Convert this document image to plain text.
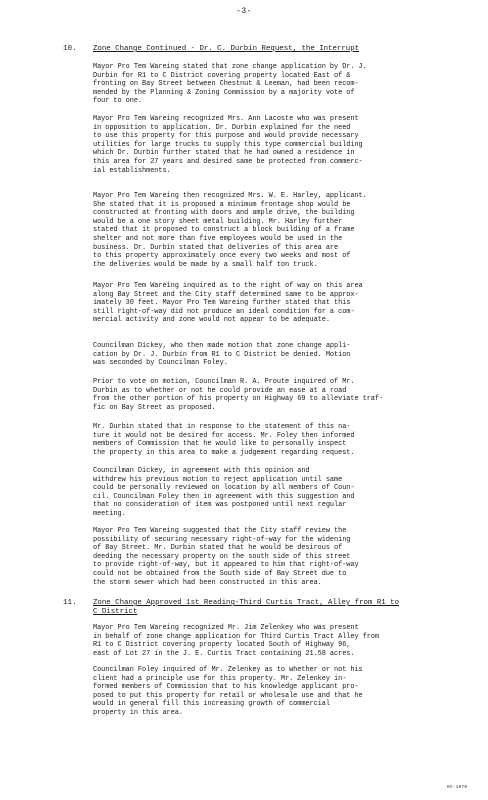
-3-
10. Zone Change Continued - Dr. C. Durbin Request, the Interrupt

Mayor Pro Tem Wareing stated that zone change application by Dr. J.
Durbin for R1 to C District covering property located East of &
fronting on Bay Street between Chestnut & Leeman, had been recom-
mended by the Planning & Zoning Commission by a majority vote of
four to one.

Mayor Pro Tem Wareing recognized Mrs. Ann Lacoste who was present
in opposition to application. Dr. Durbin explained for the need
to use this property for this purpose and would provide necessary
utilities for large trucks to supply this type commercial building
which Dr. Durbin further stated that he had owned a residence in
this area for 27 years and desired same be protected from commerc-
ial establishments.

Mayor Pro Tem Wareing then recognized Mrs. W. E. Harley, applicant.
She stated that it is proposed a minimum frontage shop would be
constructed at fronting with doors and ample drive, the building
would be a one story sheet metal building. Mr. Harley further
stated that it proposed to construct a block building of a frame
shelter and not more than five employees would be used in the
business. Dr. Durbin stated that deliveries of this area are
to this property approximately once every two weeks and most of
the deliveries would be made by a small half ton truck.

Mayor Pro Tem Wareing inquired as to the right of way on this area
along Bay Street and the City staff determined same to be approx-
imately 30 feet. Mayor Pro Tem Wareing further stated that this
still right-of-way did not produce an ideal condition for a com-
mercial activity and zone would not appear to be adequate.

Councilman Dickey, who then made motion that zone change appli-
cation by Dr. J. Durbin from R1 to C District be denied. Motion
was seconded by Councilman Foley.

Prior to vote on motion, Councilman R. A. Proute inquired of Mr.
Durbin as to whether or not he could provide an ease at a road
from the other portion of his property on Highway 69 to alleviate traf-
fic on Bay Street as proposed.

Mr. Durbin stated that in response to the statement of this na-
ture it would not be desired for access. Mr. Foley then informed
members of Commission that he would like to personally inspect
the property in this area to make a judgement regarding request.

Councilman Dickey, in agreement with this opinion and
withdrew his previous motion to reject application until same
could be personally reviewed on location by all members of Coun-
cil. Councilman Foley then in agreement with this suggestion and
that no consideration of item was postponed until next regular
meeting.

Mayor Pro Tem Wareing suggested that the City staff review the
possibility of securing necessary right-of-way for the widening
of Bay Street. Mr. Durbin stated that he would be desirous of
deeding the necessary property on the south side of this street
to provide right-of-way, but it appeared to him that right-of-way
could not be obtained from the South side of Bay Street due to
the storm sewer which had been constructed in this area.

11. Zone Change Approved 1st Reading-Third Curtis Tract, Alley from R1 to
C District

Mayor Pro Tem Wareing recognized Mr. Jim Zelenkey who was present
in behalf of zone change application for Third Curtis Tract Alley from
R1 to C District covering property located South of Highway 96,
east of Lot 27 in the J. E. Curtis Tract containing 21.58 acres.

Councilman Foley inquired of Mr. Zelenkey as to whether or not his
client had a principle use for this property. Mr. Zelenkey in-
formed members of Commission that to his knowledge applicant pro-
posed to put this property for retail or wholesale use and that he
would in general fill this increasing growth of commercial
property in this area.

RC-1970
